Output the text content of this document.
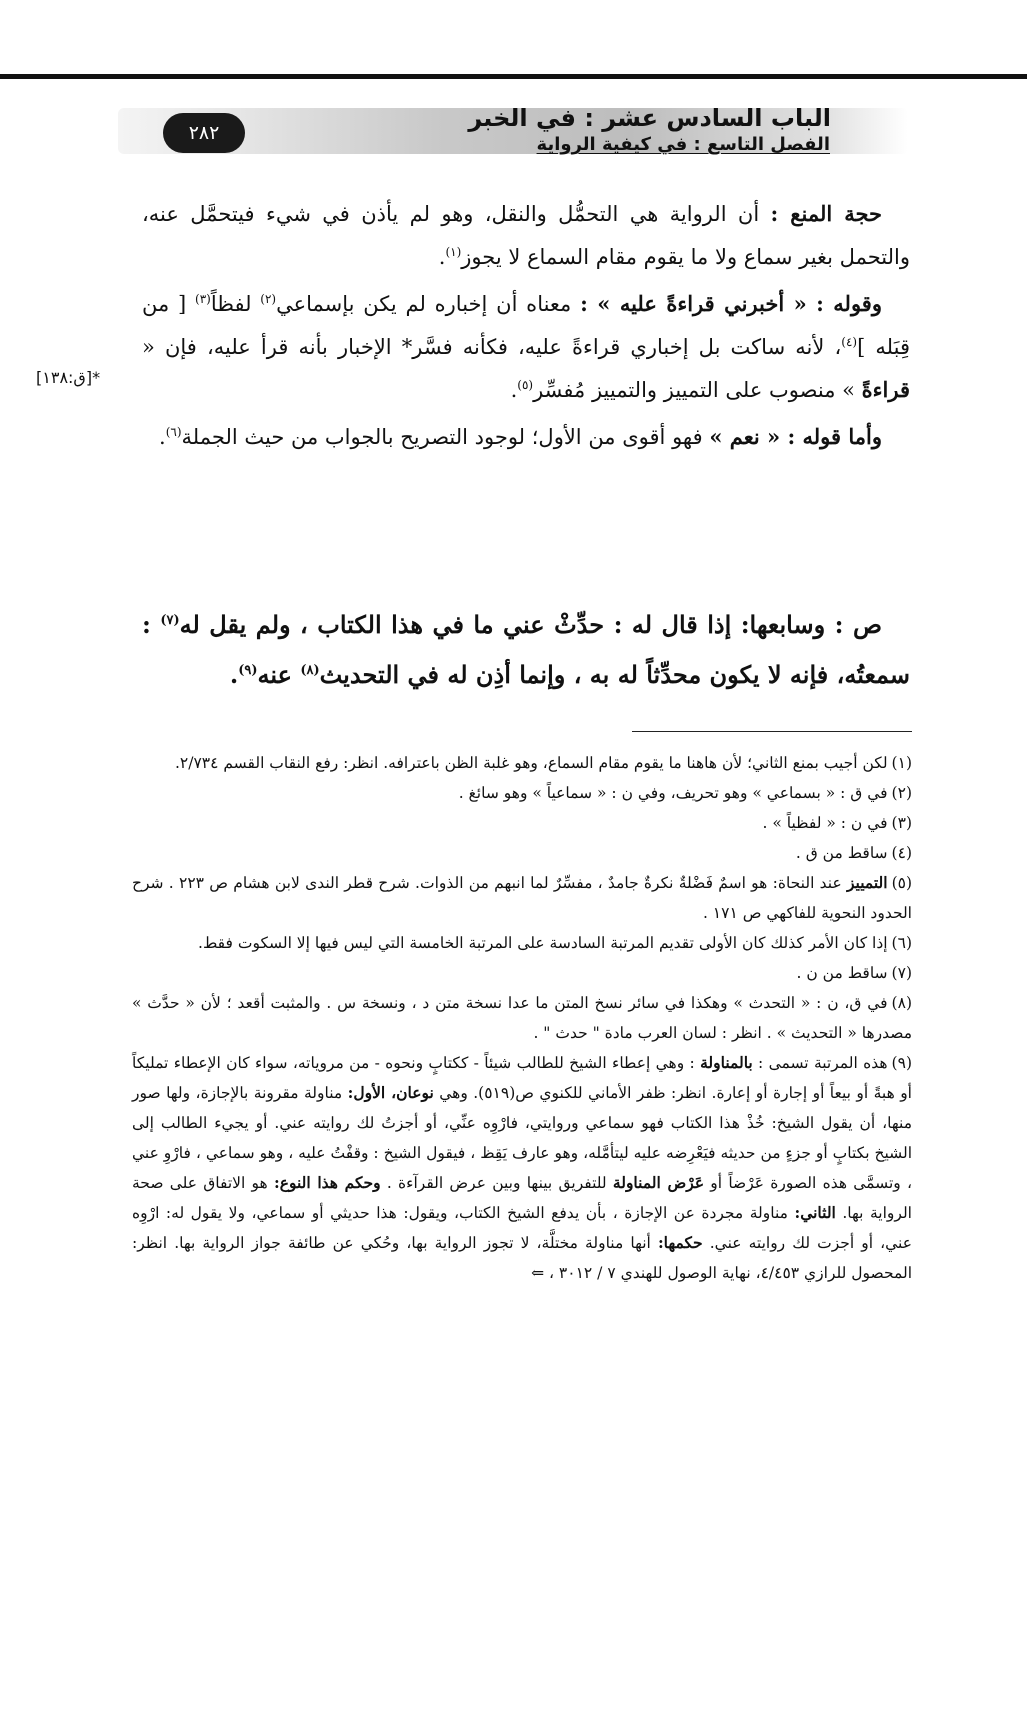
٢٨٢
الباب السادس عشر : في الخبر
الفصل التاسع : في كيفية الرواية
*[ق:١٣٨]

حجة المنع : أن الرواية هي التحمُّل والنقل، وهو لم يأذن في شيء فيتحمَّل عنه، والتحمل بغير سماع ولا ما يقوم مقام السماع لا يجوز$^{(١)}$.

وقوله : « أخبرني قراءةً عليه » : معناه أن إخباره لم يكن بإسماعي$^{(٢)}$ لفظاً$^{(٣)}$ [ من قِبَله ]$^{(٤)}$، لأنه ساكت بل إخباري قراءةً عليه، فكأنه فسَّر* الإخبار بأنه قرأ عليه، فإن « قراءةً » منصوب على التمييز والتمييز مُفسِّر$^{(٥)}$.

وأما قوله : « نعم » فهو أقوى من الأول؛ لوجود التصريح بالجواب من حيث الجملة$^{(٦)}$.

ص : وسابعها: إذا قال له : حدِّثْ عني ما في هذا الكتاب ، ولم يقل له$^{(٧)}$ : سمعتُه، فإنه لا يكون محدِّثاً له به ، وإنما أذِن له في التحديث$^{(٨)}$ عنه$^{(٩)}$.

(١)لكن أجيب بمنع الثاني؛ لأن هاهنا ما يقوم مقام السماع، وهو غلبة الظن باعترافه. انظر: رفع النقاب القسم ٢/٧٣٤.

(٢)في ق : « بسماعي » وهو تحريف، وفي ن : « سماعياً » وهو سائغ .

(٣)في ن : « لفظياً » .

(٤)ساقط من ق .

(٥)التمييز عند النحاة: هو اسمٌ فَضْلةٌ نكرةٌ جامدٌ ، مفسِّرٌ لما انبهم من الذوات. شرح قطر الندى لابن هشام ص ٢٢٣ . شرح الحدود النحوية للفاكهي ص ١٧١ .

(٦)إذا كان الأمر كذلك كان الأولى تقديم المرتبة السادسة على المرتبة الخامسة التي ليس فيها إلا السكوت فقط.

(٧)ساقط من ن .

(٨)في ق، ن : « التحدث » وهكذا في سائر نسخ المتن ما عدا نسخة متن د ، ونسخة س . والمثبت أقعد ؛ لأن « حدَّث » مصدرها « التحديث » . انظر : لسان العرب مادة " حدث " .

(٩)هذه المرتبة تسمى : بالمناولة : وهي إعطاء الشيخ للطالب شيئاً - ككتابٍ ونحوه - من مروياته، سواء كان الإعطاء تمليكاً أو هبةً أو بيعاً أو إجارة أو إعارة. انظر: ظفر الأماني للكنوي ص(٥١٩). وهي نوعان، الأول: مناولة مقرونة بالإجازة، ولها صور منها، أن يقول الشيخ: خُذْ هذا الكتاب فهو سماعي وروايتي، فارْوِه عنِّي، أو أجزتُ لك روايته عني. أو يجيء الطالب إلى الشيخ بكتابٍ أو جزءٍ من حديثه فيَعْرِضه عليه ليتأمَّله، وهو عارف يَقِظ ، فيقول الشيخ : وقفْتُ عليه ، وهو سماعي ، فارْوِ عني ، وتسمَّى هذه الصورة عَرْضاً أو عَرْض المناولة للتفريق بينها وبين عرض القرآءة . وحكم هذا النوع: هو الاتفاق على صحة الرواية بها. الثاني: مناولة مجردة عن الإجازة ، بأن يدفع الشيخ الكتاب، ويقول: هذا حديثي أو سماعي، ولا يقول له: ارْوِه عني، أو أجزت لك روايته عني. حكمها: أنها مناولة مختلَّة، لا تجوز الرواية بها، وحُكي عن طائفة جواز الرواية بها. انظر: المحصول للرازي ٤/٤٥٣، نهاية الوصول للهندي ٧ / ٣٠١٢ ، ⇐
